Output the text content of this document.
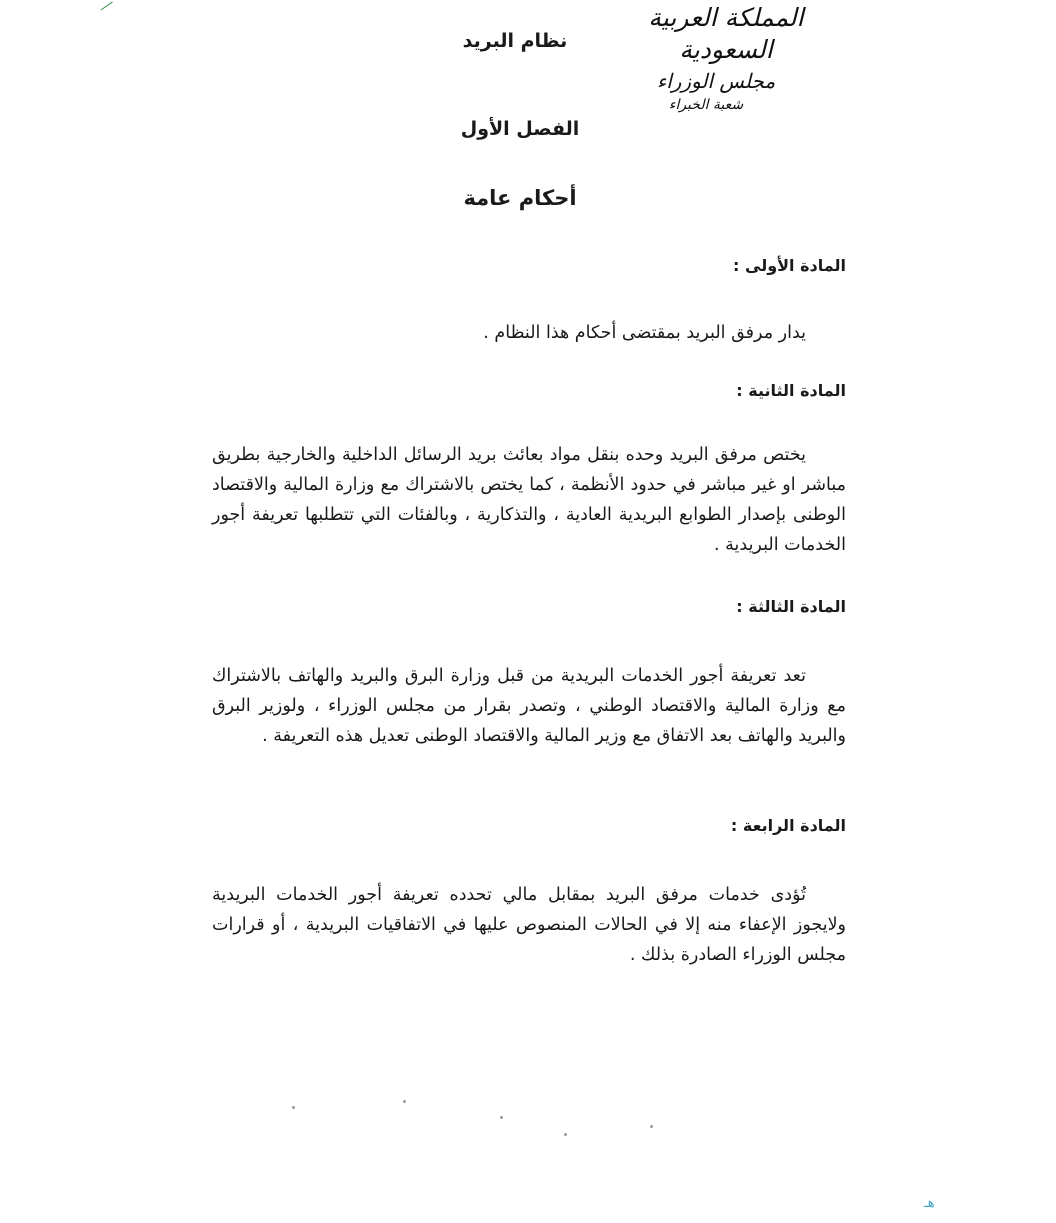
المملكة العربية السعودية
مجلس الوزراء
شعبة الخبراء
نظام البريد
الفصل الأول
أحكام عامة
المادة الأولى :
يدار مرفق البريد بمقتضى أحكام هذا النظام .
المادة الثانية :
يختص مرفق البريد وحده بنقل مواد بعائث بريد الرسائل الداخلية والخارجية بطريق مباشر او غير مباشر في حدود الأنظمة ، كما يختص بالاشتراك مع وزارة المالية والاقتصاد الوطنى بإصدار الطوابع البريدية العادية ، والتذكارية ، وبالفئات التي تتطلبها تعريفة أجور الخدمات البريدية .
المادة الثالثة :
تعد تعريفة أجور الخدمات البريدية من قبل وزارة البرق والبريد والهاتف بالاشتراك مع وزارة المالية والاقتصاد الوطني ، وتصدر بقرار من مجلس الوزراء ، ولوزير البرق والبريد والهاتف بعد الاتفاق مع وزير المالية والاقتصاد الوطنى تعديل هذه التعريفة .
المادة الرابعة :
تُؤدى خدمات مرفق البريد بمقابل مالي تحدده تعريفة أجور الخدمات البريدية ولايجوز الإعفاء منه إلا في الحالات المنصوص عليها في الاتفاقيات البريدية ، أو قرارات مجلس الوزراء الصادرة بذلك .
هـ
